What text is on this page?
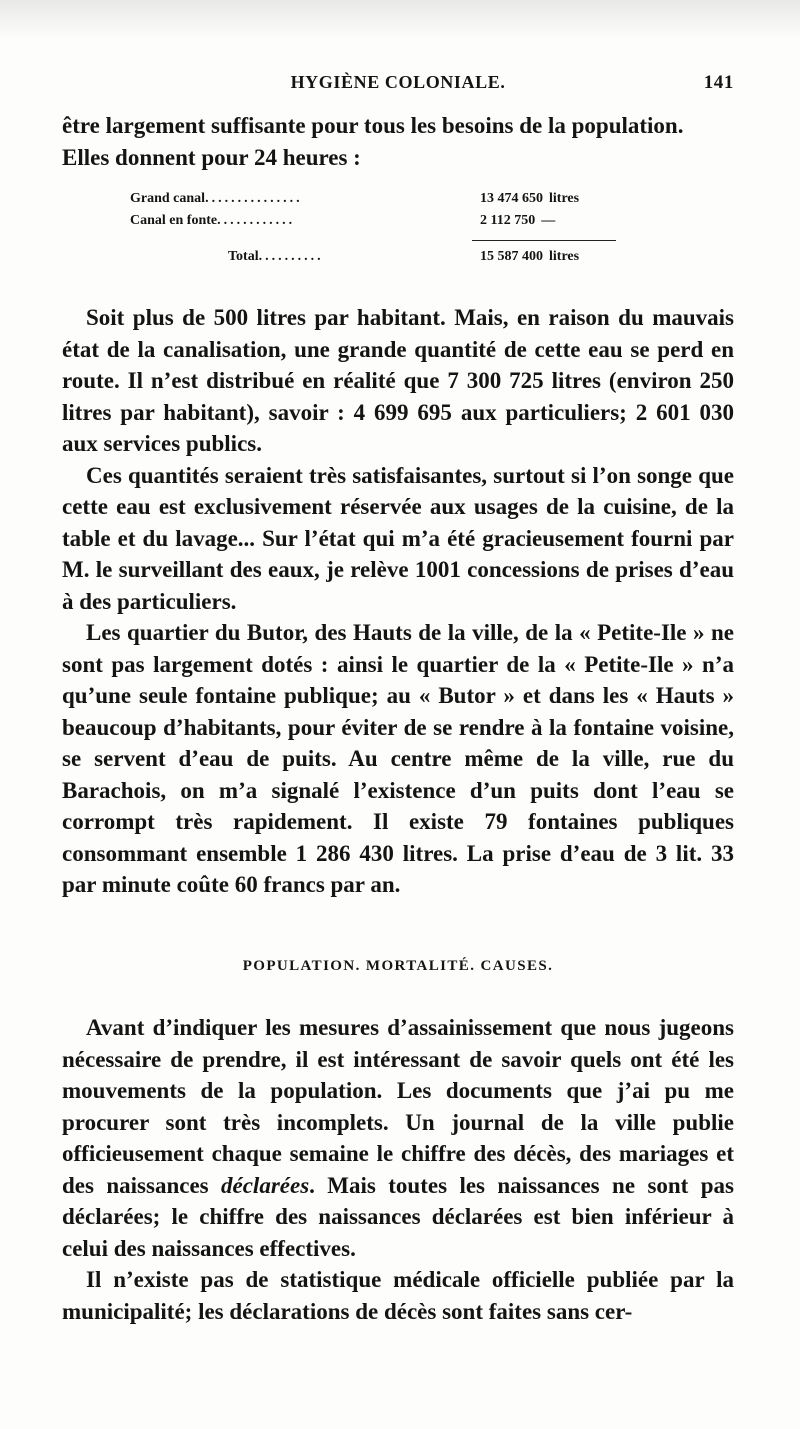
HYGIÈNE COLONIALE.	141

être largement suffisante pour tous les besoins de la population.

Elles donnent pour 24 heures :

Grand canal...............	13 474 650 litres
Canal en fonte............	2 112 750 —
Total..........	15 587 400 litres

Soit plus de 500 litres par habitant. Mais, en raison du mauvais état de la canalisation, une grande quantité de cette eau se perd en route. Il n’est distribué en réalité que 7 300 725 litres (environ 250 litres par habitant), savoir : 4 699 695 aux particuliers; 2 601 030 aux services publics.

Ces quantités seraient très satisfaisantes, surtout si l’on songe que cette eau est exclusivement réservée aux usages de la cuisine, de la table et du lavage... Sur l’état qui m’a été gracieusement fourni par M. le surveillant des eaux, je relève 1001 concessions de prises d’eau à des particuliers.

Les quartier du Butor, des Hauts de la ville, de la « Petite-Ile » ne sont pas largement dotés : ainsi le quartier de la « Petite-Ile » n’a qu’une seule fontaine publique; au « Butor » et dans les « Hauts » beaucoup d’habitants, pour éviter de se rendre à la fontaine voisine, se servent d’eau de puits. Au centre même de la ville, rue du Barachois, on m’a signalé l’existence d’un puits dont l’eau se corrompt très rapidement. Il existe 79 fontaines publiques consommant ensemble 1 286 430 litres. La prise d’eau de 3 lit. 33 par minute coûte 60 francs par an.

POPULATION. MORTALITÉ. CAUSES.

Avant d’indiquer les mesures d’assainissement que nous jugeons nécessaire de prendre, il est intéressant de savoir quels ont été les mouvements de la population. Les documents que j’ai pu me procurer sont très incomplets. Un journal de la ville publie officieusement chaque semaine le chiffre des décès, des mariages et des naissances déclarées. Mais toutes les naissances ne sont pas déclarées; le chiffre des naissances déclarées est bien inférieur à celui des naissances effectives.

Il n’existe pas de statistique médicale officielle publiée par la municipalité; les déclarations de décès sont faites sans cer-
